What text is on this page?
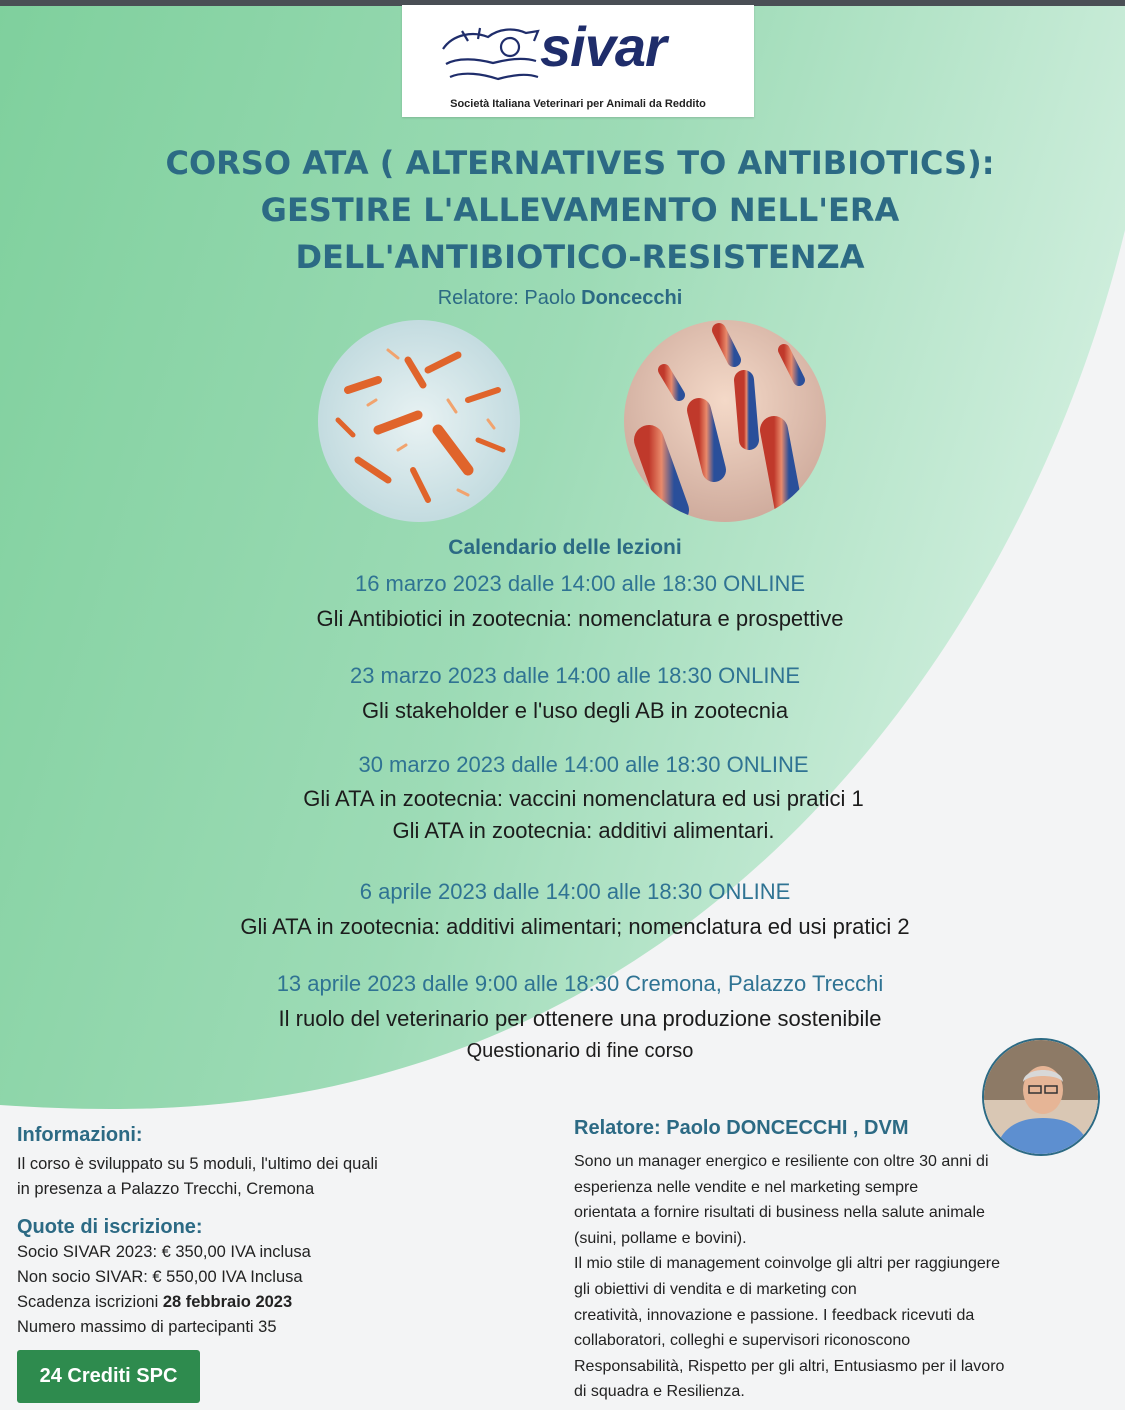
sivar
Società Italiana Veterinari per Animali da Reddito
CORSO ATA ( ALTERNATIVES TO ANTIBIOTICS):
GESTIRE L'ALLEVAMENTO NELL'ERA
DELL'ANTIBIOTICO-RESISTENZA
Relatore: Paolo Doncecchi
Calendario delle lezioni
16 marzo 2023 dalle 14:00 alle 18:30 ONLINE
Gli Antibiotici in zootecnia: nomenclatura e prospettive
23 marzo 2023 dalle 14:00 alle 18:30 ONLINE
Gli stakeholder e l'uso degli AB in zootecnia
30 marzo 2023 dalle 14:00 alle 18:30 ONLINE
Gli ATA in zootecnia: vaccini nomenclatura ed usi pratici 1
Gli ATA in zootecnia: additivi alimentari.
6 aprile 2023 dalle 14:00 alle 18:30 ONLINE
Gli ATA in zootecnia: additivi alimentari; nomenclatura ed usi pratici 2
13 aprile 2023 dalle 9:00 alle 18:30 Cremona, Palazzo Trecchi
Il ruolo del veterinario per ottenere una produzione sostenibile
Questionario di fine corso
Informazioni:

Il corso è sviluppato su 5 moduli, l'ultimo dei quali

in presenza a Palazzo Trecchi, Cremona

Quote di iscrizione:

Socio SIVAR 2023: € 350,00 IVA inclusa

Non socio SIVAR: € 550,00 IVA Inclusa

Scadenza iscrizioni 28 febbraio 2023

Numero massimo di partecipanti 35

24 Crediti SPC
Relatore: Paolo DONCECCHI , DVM

Sono un manager energico e resiliente con oltre 30 anni di

esperienza nelle vendite e nel marketing sempre

orientata a fornire risultati di business nella salute animale

(suini, pollame e bovini).

Il mio stile di management coinvolge gli altri per raggiungere

gli obiettivi di vendita e di marketing con

creatività, innovazione e passione. I feedback ricevuti da

collaboratori, colleghi e supervisori riconoscono

Responsabilità, Rispetto per gli altri, Entusiasmo per il lavoro

di squadra e Resilienza.
